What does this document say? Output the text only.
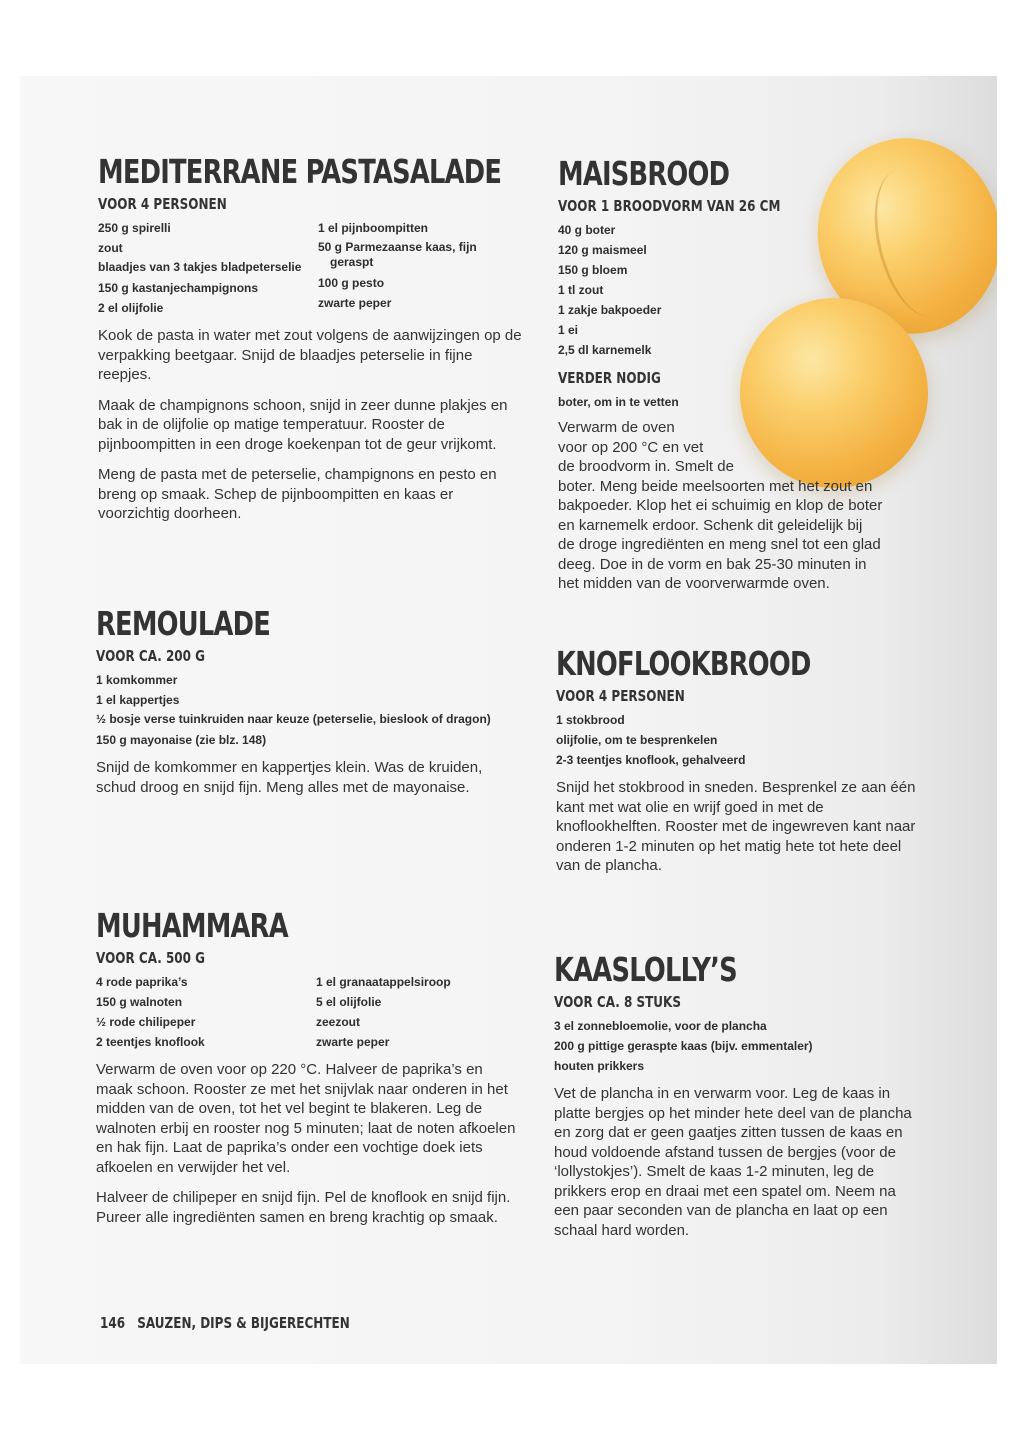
MEDITERRANE PASTASALADE
VOOR 4 PERSONEN
250 g spirelli
zout
blaadjes van 3 takjes bladpeterselie
150 g kastanjechampignons
2 el olijfolie
1 el pijnboompitten
50 g Parmezaanse kaas, fijn geraspt
100 g pesto
zwarte peper

Kook de pasta in water met zout volgens de aanwijzingen op de verpakking beetgaar. Snijd de blaadjes peterselie in fijne reepjes.

Maak de champignons schoon, snijd in zeer dunne plakjes en bak in de olijfolie op matige temperatuur. Rooster de pijnboompitten in een droge koekenpan tot de geur vrijkomt.

Meng de pasta met de peterselie, champignons en pesto en breng op smaak. Schep de pijnboompitten en kaas er voorzichtig doorheen.

REMOULADE
VOOR CA. 200 G
1 komkommer
1 el kappertjes
½ bosje verse tuinkruiden naar keuze (peterselie, bieslook of dragon)
150 g mayonaise (zie blz. 148)

Snijd de komkommer en kappertjes klein. Was de kruiden, schud droog en snijd fijn. Meng alles met de mayonaise.

MUHAMMARA
VOOR CA. 500 G
4 rode paprika’s
150 g walnoten
½ rode chilipeper
2 teentjes knoflook
1 el granaatappelsiroop
5 el olijfolie
zeezout
zwarte peper

Verwarm de oven voor op 220 °C. Halveer de paprika’s en maak schoon. Rooster ze met het snijvlak naar onderen in het midden van de oven, tot het vel begint te blakeren. Leg de walnoten erbij en rooster nog 5 minuten; laat de noten afkoelen en hak fijn. Laat de paprika’s onder een vochtige doek iets afkoelen en verwijder het vel.

Halveer de chilipeper en snijd fijn. Pel de knoflook en snijd fijn. Pureer alle ingrediënten samen en breng krachtig op smaak.

MAISBROOD
VOOR 1 BROODVORM VAN 26 CM
40 g boter
120 g maismeel
150 g bloem
1 tl zout
1 zakje bakpoeder
1 ei
2,5 dl karnemelk
VERDER NODIG
boter, om in te vetten

Verwarm de oven
voor op 200 °C en vet
de broodvorm in. Smelt de
boter. Meng beide meelsoorten met het zout en
bakpoeder. Klop het ei schuimig en klop de boter
en karnemelk erdoor. Schenk dit geleidelijk bij
de droge ingrediënten en meng snel tot een glad
deeg. Doe in de vorm en bak 25-30 minuten in
het midden van de voorverwarmde oven.

KNOFLOOKBROOD
VOOR 4 PERSONEN
1 stokbrood
olijfolie, om te besprenkelen
2-3 teentjes knoflook, gehalveerd

Snijd het stokbrood in sneden. Besprenkel ze aan één kant met wat olie en wrijf goed in met de knoflookhelften. Rooster met de ingewreven kant naar onderen 1-2 minuten op het matig hete tot hete deel van de plancha.

KAASLOLLY’S
VOOR CA. 8 STUKS
3 el zonnebloemolie, voor de plancha
200 g pittige geraspte kaas (bijv. emmentaler)
houten prikkers

Vet de plancha in en verwarm voor. Leg de kaas in platte bergjes op het minder hete deel van de plancha en zorg dat er geen gaatjes zitten tussen de kaas en houd voldoende afstand tussen de bergjes (voor de ‘lollystokjes’). Smelt de kaas 1-2 minuten, leg de prikkers erop en draai met een spatel om. Neem na een paar seconden van de plancha en laat op een schaal hard worden.

146 SAUZEN, DIPS & BIJGERECHTEN
